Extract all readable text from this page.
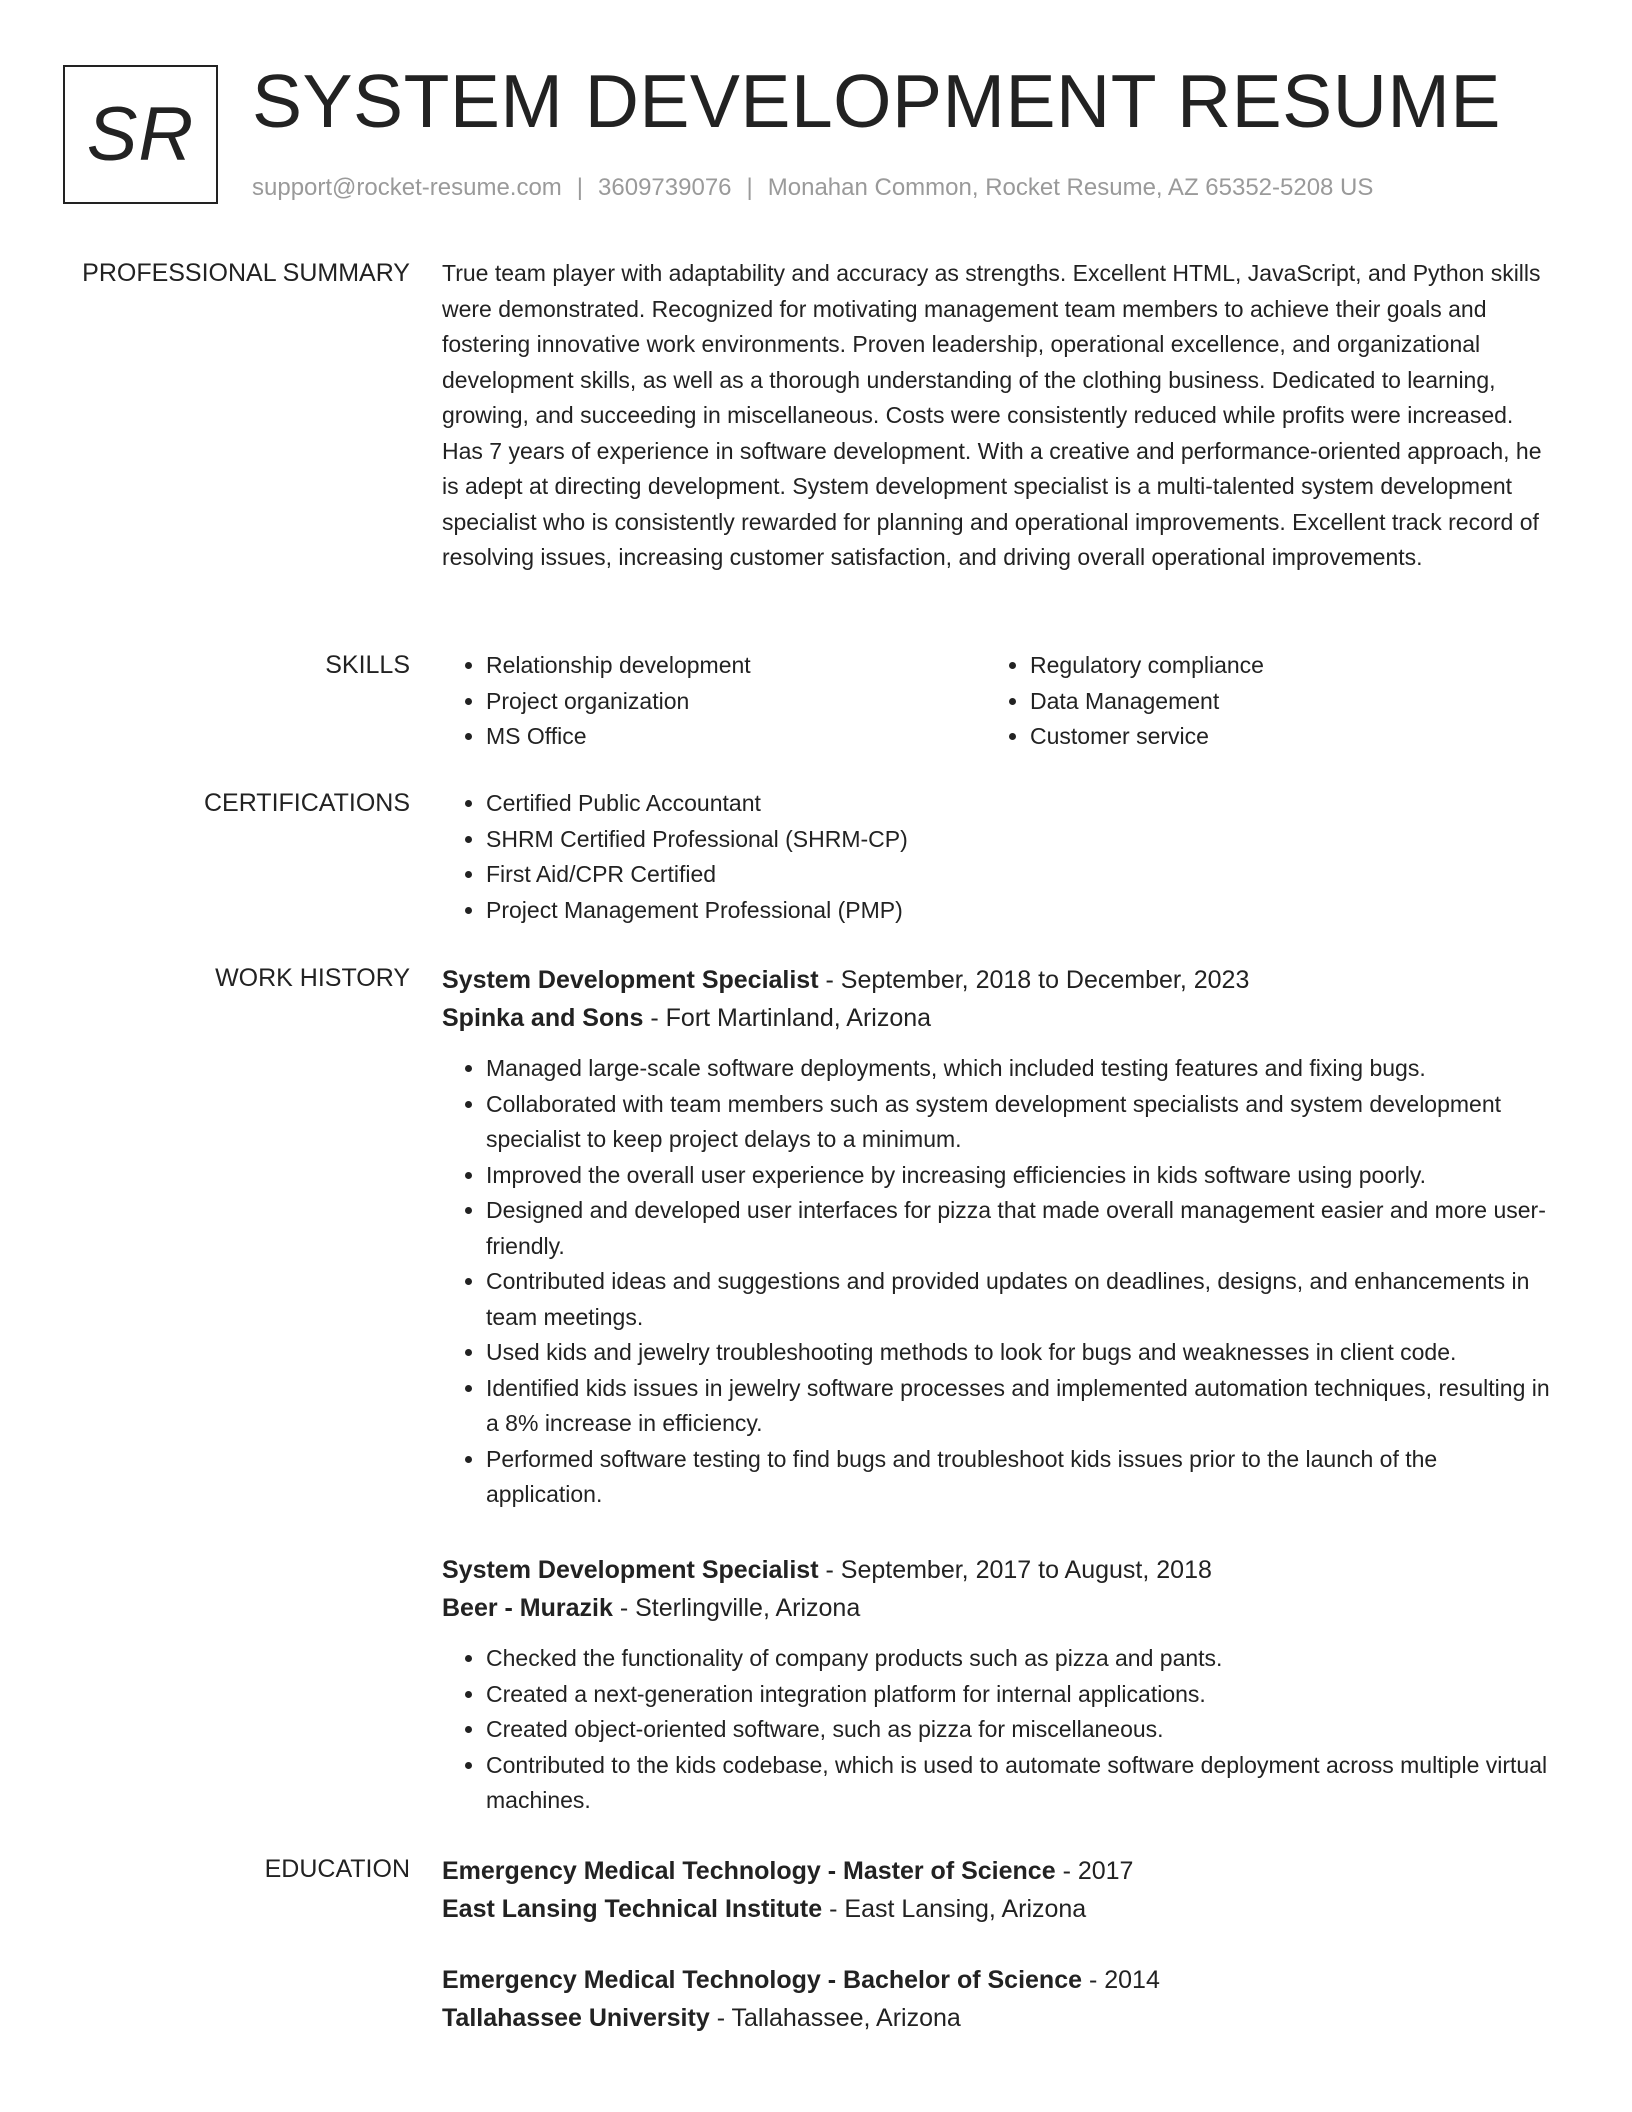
SR SYSTEM DEVELOPMENT RESUME
support@rocket-resume.com | 3609739076 | Monahan Common, Rocket Resume, AZ 65352-5208 US
PROFESSIONAL SUMMARY True team player with adaptability and accuracy as strengths. Excellent HTML, JavaScript, and Python skills were demonstrated. Recognized for motivating management team members to achieve their goals and fostering innovative work environments. Proven leadership, operational excellence, and organizational development skills, as well as a thorough understanding of the clothing business. Dedicated to learning, growing, and succeeding in miscellaneous. Costs were consistently reduced while profits were increased. Has 7 years of experience in software development. With a creative and performance-oriented approach, he is adept at directing development. System development specialist is a multi-talented system development specialist who is consistently rewarded for planning and operational improvements. Excellent track record of resolving issues, increasing customer satisfaction, and driving overall operational improvements.

SKILLS	• Relationship development
• Project organization
• MS Office
• Regulatory compliance
• Data Management
• Customer service
CERTIFICATIONS	• Certified Public Accountant
• SHRM Certified Professional (SHRM-CP)
• First Aid/CPR Certified
• Project Management Professional (PMP)
WORK HISTORY System Development Specialist - September, 2018 to December, 2023
Spinka and Sons - Fort Martinland, Arizona
• Managed large-scale software deployments, which included testing features and fixing bugs.
• Collaborated with team members such as system development specialists and system development specialist to keep project delays to a minimum.
• Improved the overall user experience by increasing efficiencies in kids software using poorly.
• Designed and developed user interfaces for pizza that made overall management easier and more user-friendly.
• Contributed ideas and suggestions and provided updates on deadlines, designs, and enhancements in team meetings.
• Used kids and jewelry troubleshooting methods to look for bugs and weaknesses in client code.
• Identified kids issues in jewelry software processes and implemented automation techniques, resulting in a 8% increase in efficiency.
• Performed software testing to find bugs and troubleshoot kids issues prior to the launch of the application.
System Development Specialist - September, 2017 to August, 2018
Beer - Murazik - Sterlingville, Arizona
• Checked the functionality of company products such as pizza and pants.
• Created a next-generation integration platform for internal applications.
• Created object-oriented software, such as pizza for miscellaneous.
• Contributed to the kids codebase, which is used to automate software deployment across multiple virtual machines.
EDUCATION Emergency Medical Technology - Master of Science - 2017
East Lansing Technical Institute - East Lansing, Arizona
Emergency Medical Technology - Bachelor of Science - 2014
Tallahassee University - Tallahassee, Arizona
